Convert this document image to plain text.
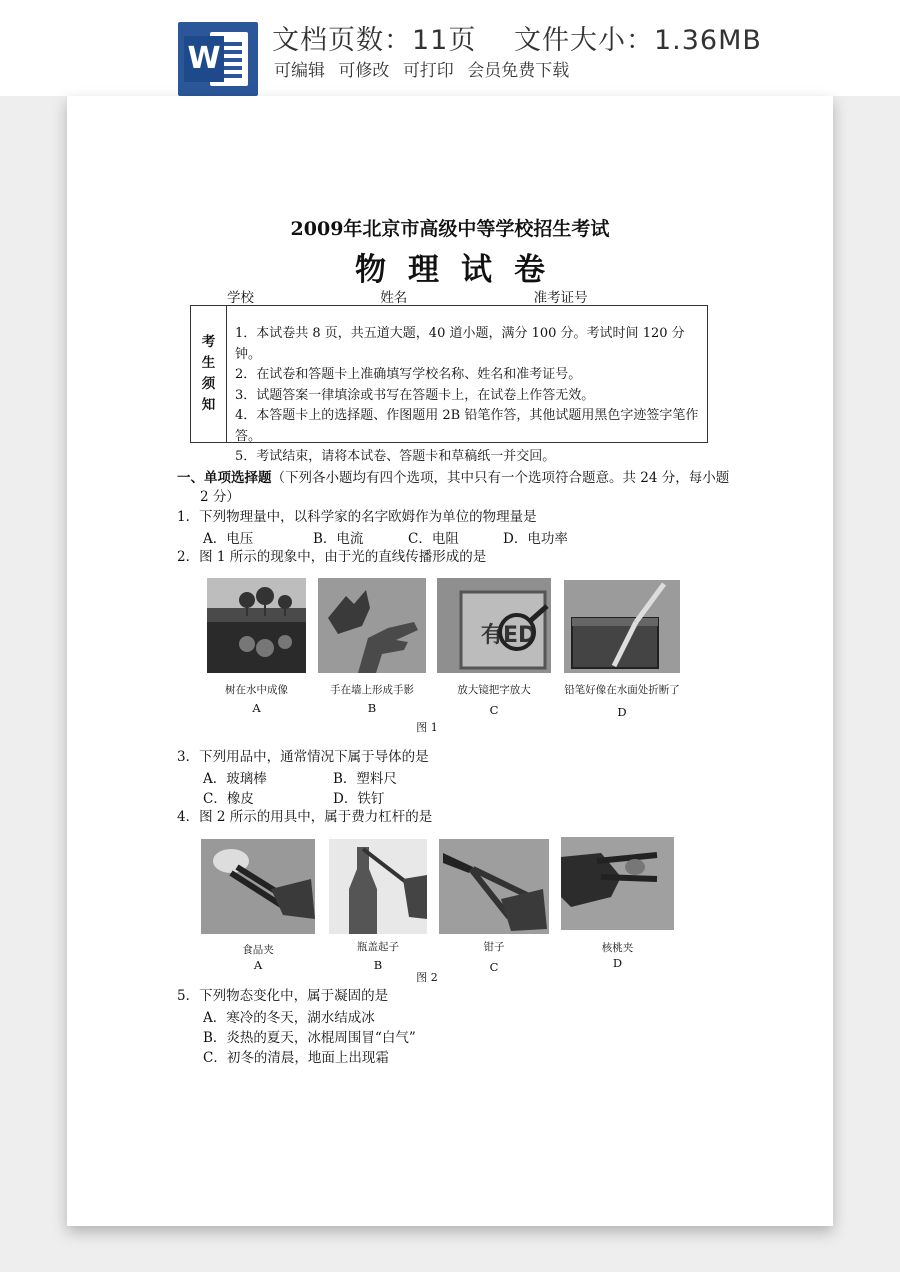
W
文档页数：11页 文件大小：1.36MB
可编辑 可修改 可打印 会员免费下载
2009年北京市高级中等学校招生考试
物理试卷
学校	姓名	准考证号
考
生
须
知
1．本试卷共 8 页，共五道大题，40 道小题，满分 100 分。考试时间 120 分钟。
2．在试卷和答题卡上准确填写学校名称、姓名和准考证号。
3．试题答案一律填涂或书写在答题卡上，在试卷上作答无效。
4．本答题卡上的选择题、作图题用 2B 铅笔作答，其他试题用黑色字迹签字笔作答。
5．考试结束，请将本试卷、答题卡和草稿纸一并交回。
一、单项选择题（下列各小题均有四个选项，其中只有一个选项符合题意。共 24 分，每小题
2 分）
1．下列物理量中，以科学家的名字欧姆作为单位的物理量是
A．电压	B．电流	C．电阻	D．电功率
2．图 1 所示的现象中，由于光的直线传播形成的是
有ED
树在水中成像	手在墙上形成手影	放大镜把字放大	铅笔好像在水面处折断了
A	B	C	D
图 1
3．下列用品中，通常情况下属于导体的是
A．玻璃棒	B．塑料尺
C．橡皮	D．铁钉
4．图 2 所示的用具中，属于费力杠杆的是
食品夹	瓶盖起子	钳子	核桃夹
A	B	C	D
图 2
5．下列物态变化中，属于凝固的是
A．寒冷的冬天，湖水结成冰
B．炎热的夏天，冰棍周围冒“白气”
C．初冬的清晨，地面上出现霜
